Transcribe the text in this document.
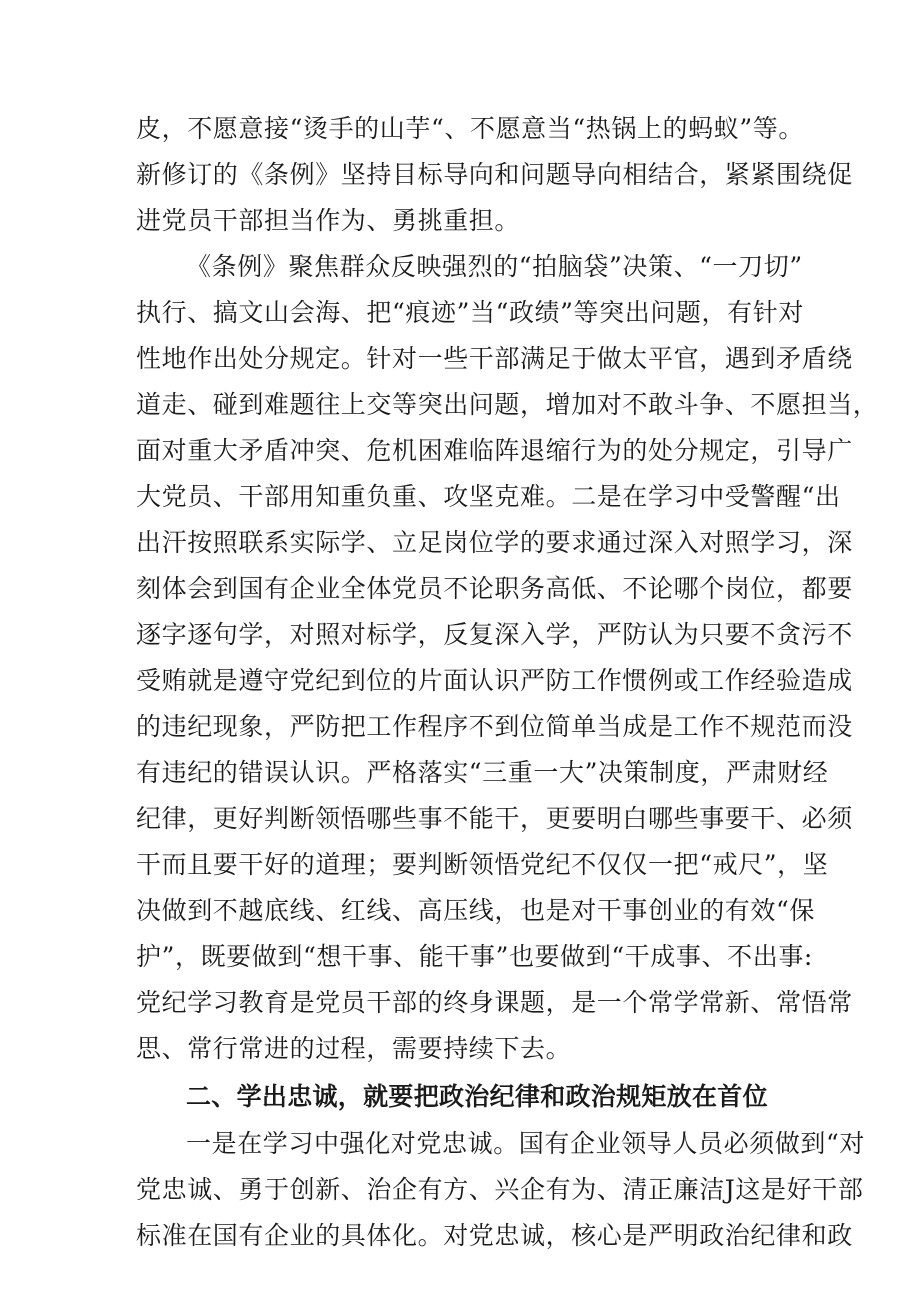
皮，不愿意接“烫手的山芋“、不愿意当“热锅上的蚂蚁”等。
新修订的《条例》坚持目标导向和问题导向相结合，紧紧围绕促
进党员干部担当作为、勇挑重担。
《条例》聚焦群众反映强烈的“拍脑袋”决策、“一刀切”
执行、搞文山会海、把“痕迹”当“政绩”等突出问题，有针对
性地作出处分规定。针对一些干部满足于做太平官，遇到矛盾绕
道走、碰到难题往上交等突出问题，增加对不敢斗争、不愿担当，
面对重大矛盾冲突、危机困难临阵退缩行为的处分规定，引导广
大党员、干部用知重负重、攻坚克难。二是在学习中受警醒“出
出汗按照联系实际学、立足岗位学的要求通过深入对照学习，深
刻体会到国有企业全体党员不论职务高低、不论哪个岗位，都要
逐字逐句学，对照对标学，反复深入学，严防认为只要不贪污不
受贿就是遵守党纪到位的片面认识严防工作惯例或工作经验造成
的违纪现象，严防把工作程序不到位简单当成是工作不规范而没
有违纪的错误认识。严格落实“三重一大”决策制度，严肃财经
纪律，更好判断领悟哪些事不能干，更要明白哪些事要干、必须
干而且要干好的道理；要判断领悟党纪不仅仅一把“戒尺”，坚
决做到不越底线、红线、高压线，也是对干事创业的有效“保
护”，既要做到“想干事、能干事”也要做到“干成事、不出事:
党纪学习教育是党员干部的终身课题，是一个常学常新、常悟常
思、常行常进的过程，需要持续下去。
二、学出忠诚，就要把政治纪律和政治规矩放在首位
一是在学习中强化对党忠诚。国有企业领导人员必须做到“对
党忠诚、勇于创新、治企有方、兴企有为、清正廉洁J这是好干部
标准在国有企业的具体化。对党忠诚，核心是严明政治纪律和政
